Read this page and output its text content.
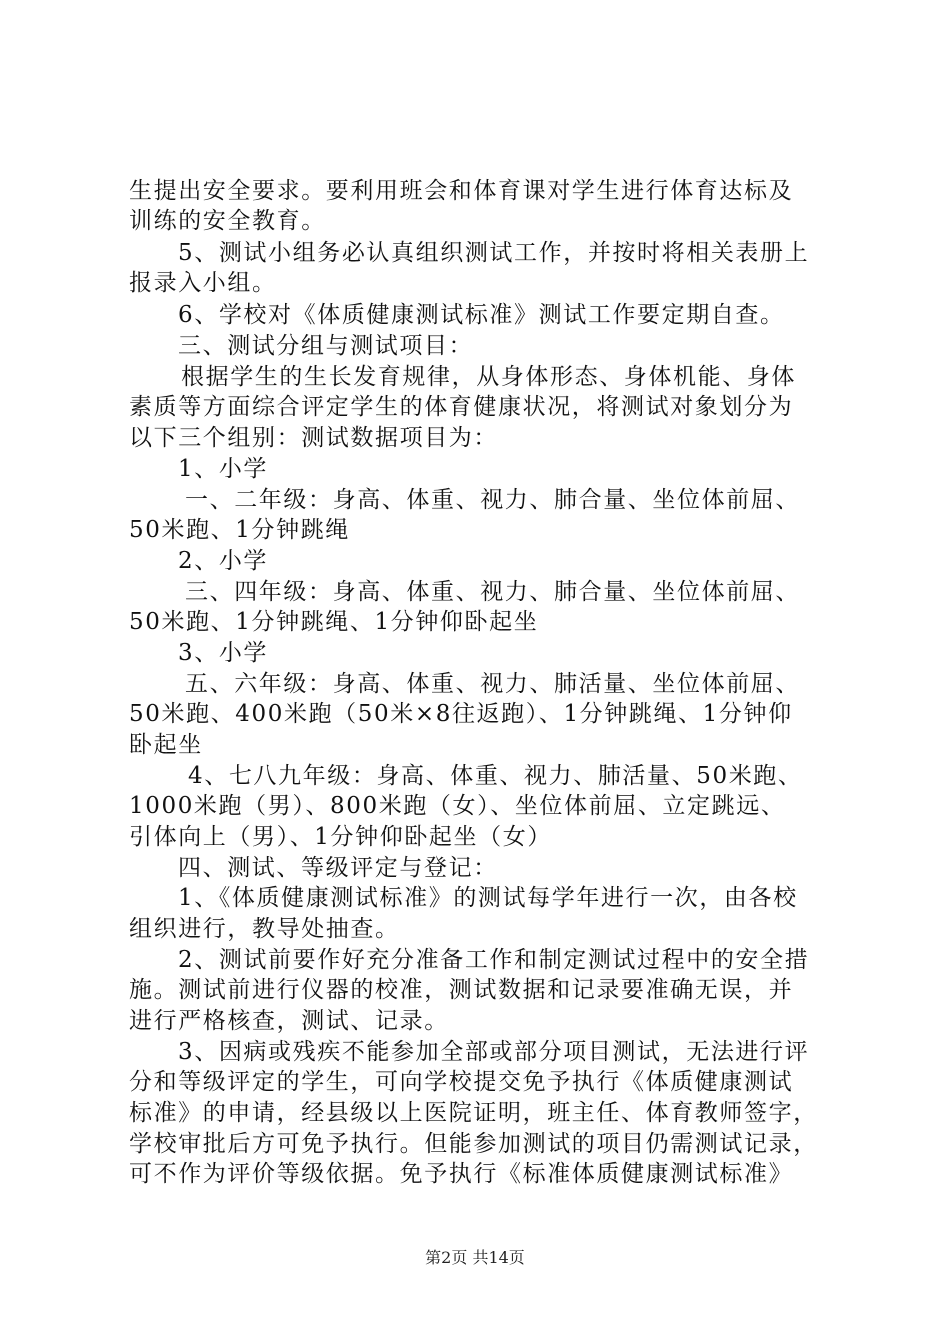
生提出安全要求。要利用班会和体育课对学生进行体育达标及
训练的安全教育。
5、测试小组务必认真组织测试工作，并按时将相关表册上
报录入小组。
6、学校对《体质健康测试标准》测试工作要定期自查。
三、测试分组与测试项目：
根据学生的生长发育规律，从身体形态、身体机能、身体
素质等方面综合评定学生的体育健康状况，将测试对象划分为
以下三个组别：测试数据项目为：
1、小学
一、二年级：身高、体重、视力、肺合量、坐位体前屈、
50米跑、1分钟跳绳
2、小学
三、四年级：身高、体重、视力、肺合量、坐位体前屈、
50米跑、1分钟跳绳、1分钟仰卧起坐
3、小学
五、六年级：身高、体重、视力、肺活量、坐位体前屈、
50米跑、400米跑（50米×8往返跑）、1分钟跳绳、1分钟仰
卧起坐
4、七八九年级：身高、体重、视力、肺活量、50米跑、
1000米跑（男）、800米跑（女）、坐位体前屈、立定跳远、
引体向上（男）、1分钟仰卧起坐（女）
四、测试、等级评定与登记：
1、《体质健康测试标准》的测试每学年进行一次，由各校
组织进行，教导处抽查。
2、测试前要作好充分准备工作和制定测试过程中的安全措
施。测试前进行仪器的校准，测试数据和记录要准确无误，并
进行严格核查，测试、记录。
3、因病或残疾不能参加全部或部分项目测试，无法进行评
分和等级评定的学生，可向学校提交免予执行《体质健康测试
标准》的申请，经县级以上医院证明，班主任、体育教师签字，
学校审批后方可免予执行。但能参加测试的项目仍需测试记录，
可不作为评价等级依据。免予执行《标准体质健康测试标准》
第2页 共14页
